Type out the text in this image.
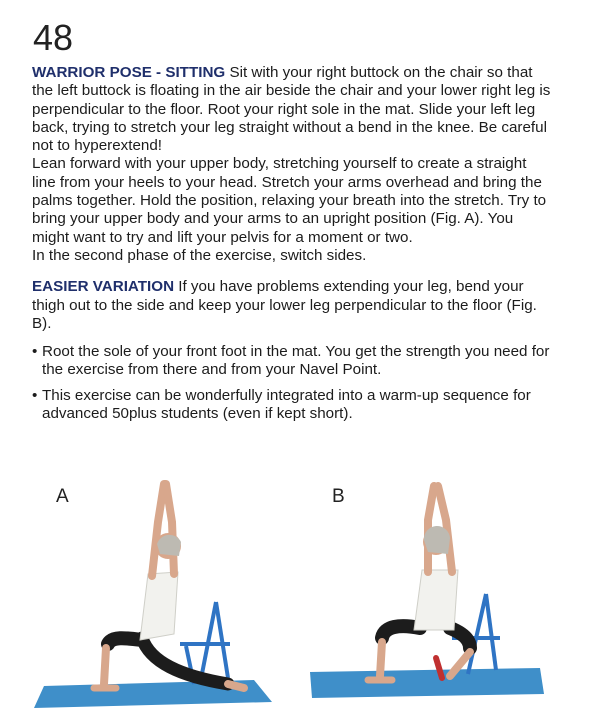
48

WARRIOR POSE - SITTING Sit with your right buttock on the chair so that the left buttock is floating in the air beside the chair and your lower right leg is perpendicular to the floor. Root your right sole in the mat. Slide your left leg back, trying to stretch your leg straight without a bend in the knee. Be careful not to hyperextend!

Lean forward with your upper body, stretching yourself to create a straight line from your heels to your head. Stretch your arms overhead and bring the palms together. Hold the position, relaxing your breath into the stretch. Try to bring your upper body and your arms to an upright position (Fig. A). You might want to try and lift your pelvis for a moment or two.

In the second phase of the exercise, switch sides.

EASIER VARIATION If you have problems extending your leg, bend your thigh out to the side and keep your lower leg perpendicular to the floor (Fig. B).

• Root the sole of your front foot in the mat. You get the strength you need for the exercise from there and from your Navel Point.
• This exercise can be wonderfully integrated into a warm-up sequence for advanced 50plus students (even if kept short).
A	B
